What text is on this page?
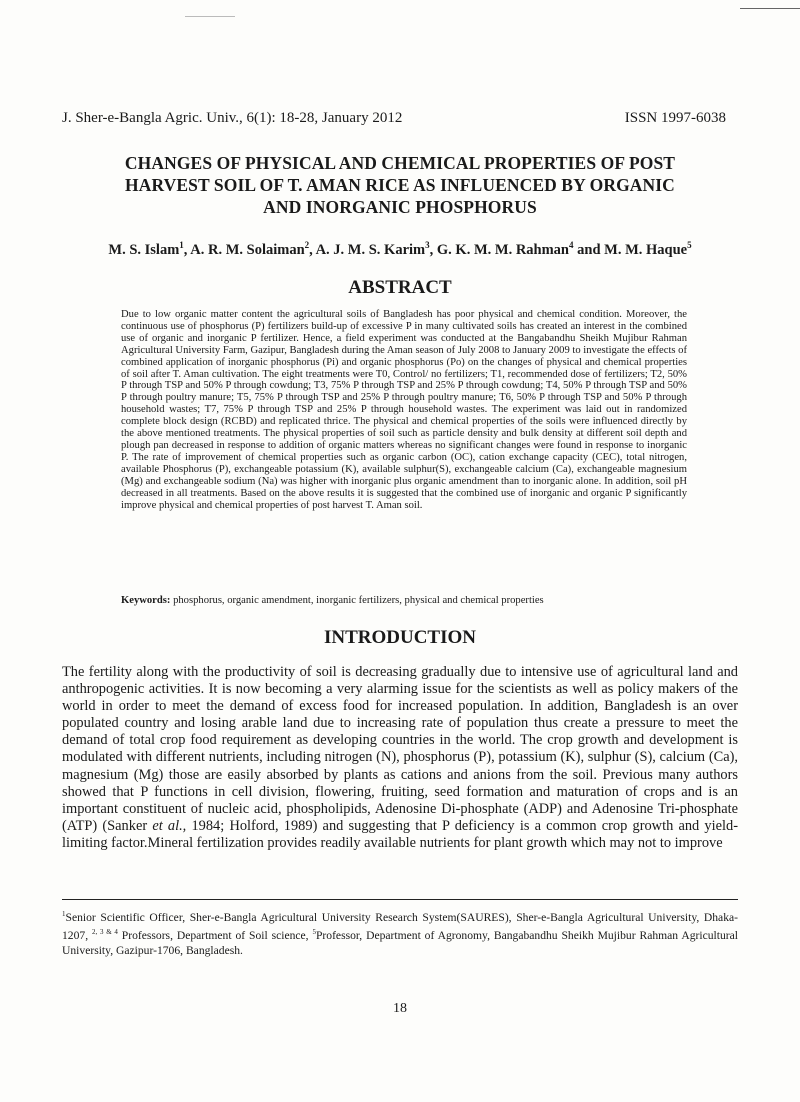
J. Sher-e-Bangla Agric. Univ., 6(1): 18-28, January 2012	ISSN 1997-6038
CHANGES OF PHYSICAL AND CHEMICAL PROPERTIES OF POST
HARVEST SOIL OF T. AMAN RICE AS INFLUENCED BY ORGANIC
AND INORGANIC PHOSPHORUS
M. S. Islam$^1$, A. R. M. Solaiman$^2$, A. J. M. S. Karim$^3$, G. K. M. M. Rahman$^4$ and M. M. Haque$^5$
ABSTRACT
Due to low organic matter content the agricultural soils of Bangladesh has poor physical and chemical condition. Moreover, the continuous use of phosphorus (P) fertilizers build-up of excessive P in many cultivated soils has created an interest in the combined use of organic and inorganic P fertilizer. Hence, a field experiment was conducted at the Bangabandhu Sheikh Mujibur Rahman Agricultural University Farm, Gazipur, Bangladesh during the Aman season of July 2008 to January 2009 to investigate the effects of combined application of inorganic phosphorus (Pi) and organic phosphorus (Po) on the changes of physical and chemical properties of soil after T. Aman cultivation. The eight treatments were T0, Control/ no fertilizers; T1, recommended dose of fertilizers; T2, 50% P through TSP and 50% P through cowdung; T3, 75% P through TSP and 25% P through cowdung; T4, 50% P through TSP and 50% P through poultry manure; T5, 75% P through TSP and 25% P through poultry manure; T6, 50% P through TSP and 50% P through household wastes; T7, 75% P through TSP and 25% P through household wastes. The experiment was laid out in randomized complete block design (RCBD) and replicated thrice. The physical and chemical properties of the soils were influenced directly by the above mentioned treatments. The physical properties of soil such as particle density and bulk density at different soil depth and plough pan decreased in response to addition of organic matters whereas no significant changes were found in response to inorganic P. The rate of improvement of chemical properties such as organic carbon (OC), cation exchange capacity (CEC), total nitrogen, available Phosphorus (P), exchangeable potassium (K), available sulphur(S), exchangeable calcium (Ca), exchangeable magnesium (Mg) and exchangeable sodium (Na) was higher with inorganic plus organic amendment than to inorganic alone. In addition, soil pH decreased in all treatments. Based on the above results it is suggested that the combined use of inorganic and organic P significantly improve physical and chemical properties of post harvest T. Aman soil.
Keywords: phosphorus, organic amendment, inorganic fertilizers, physical and chemical properties
INTRODUCTION
The fertility along with the productivity of soil is decreasing gradually due to intensive use of agricultural land and anthropogenic activities. It is now becoming a very alarming issue for the scientists as well as policy makers of the world in order to meet the demand of excess food for increased population. In addition, Bangladesh is an over populated country and losing arable land due to increasing rate of population thus create a pressure to meet the demand of total crop food requirement as developing countries in the world. The crop growth and development is modulated with different nutrients, including nitrogen (N), phosphorus (P), potassium (K), sulphur (S), calcium (Ca), magnesium (Mg) those are easily absorbed by plants as cations and anions from the soil. Previous many authors showed that P functions in cell division, flowering, fruiting, seed formation and maturation of crops and is an important constituent of nucleic acid, phospholipids, Adenosine Di-phosphate (ADP) and Adenosine Tri-phosphate (ATP) (Sanker et al., 1984; Holford, 1989) and suggesting that P deficiency is a common crop growth and yield-limiting factor.Mineral fertilization provides readily available nutrients for plant growth which may not to improve
$^1$Senior Scientific Officer, Sher-e-Bangla Agricultural University Research System(SAURES), Sher-e-Bangla Agricultural University, Dhaka-1207, $^{2, 3 \& 4}$ Professors, Department of Soil science, $^5$Professor, Department of Agronomy, Bangabandhu Sheikh Mujibur Rahman Agricultural University, Gazipur-1706, Bangladesh.
18
